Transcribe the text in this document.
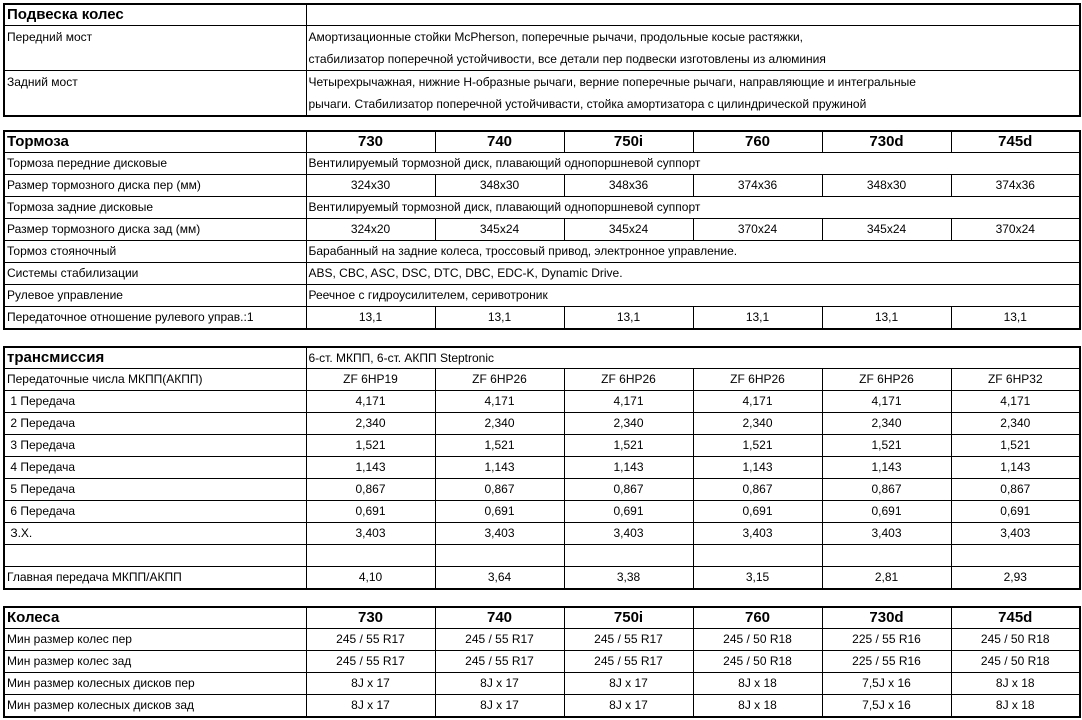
Подвеска колес	
Передний мост	Амортизационные стойки McPherson, поперечные рычачи, продольные косые растяжки,
стабилизатор поперечной устойчивости, все детали пер подвески изготовлены из алюминия

Задний мост	Четырехрычажная, нижние Н-образные рычаги, верние поперечные рычаги, направляющие и интегральные
рычаги. Стабилизатор поперечной устойчивасти, стойка амортизатора с цилиндрической пружиной
Тормоза	730	740	750i	760	730d	745d
Тормоза передние дисковые	Вентилируемый тормозной диск, плавающий однопоршневой суппорт					
Размер тормозного диска пер (мм)	324x30	348x30	348x36	374x36	348x30	374x36
Тормоза задние дисковые	Вентилируемый тормозной диск, плавающий однопоршневой суппорт					
Размер тормозного диска зад (мм)	324x20	345x24	345x24	370x24	345x24	370x24
Тормоз стояночный	Барабанный на задние колеса, троссовый привод, электронное управление.					
Системы стабилизации	ABS, CBC, ASC, DSC, DTC, DBC, EDC-K, Dynamic Drive.					
Рулевое управление	Реечное с гидроусилителем, серивотроник					
Передаточное отношение рулевого управ.:1	13,1	13,1	13,1	13,1	13,1	13,1
трансмиссия	6-ст. МКПП, 6-ст. АКПП Steptronic					
Передаточные числа МКПП(АКПП)	ZF 6HP19	ZF 6HP26	ZF 6HP26	ZF 6HP26	ZF 6HP26	ZF 6HP32
1 Передача	4,171	4,171	4,171	4,171	4,171	4,171
2 Передача	2,340	2,340	2,340	2,340	2,340	2,340
3 Передача	1,521	1,521	1,521	1,521	1,521	1,521
4 Передача	1,143	1,143	1,143	1,143	1,143	1,143
5 Передача	0,867	0,867	0,867	0,867	0,867	0,867
6 Передача	0,691	0,691	0,691	0,691	0,691	0,691
З.Х.	3,403	3,403	3,403	3,403	3,403	3,403

Главная передача МКПП/АКПП	4,10	3,64	3,38	3,15	2,81	2,93
Колеса	730	740	750i	760	730d	745d
Мин размер колес пер	245 / 55 R17	245 / 55 R17	245 / 55 R17	245 / 50 R18	225 / 55 R16	245 / 50 R18
Мин размер колес зад	245 / 55 R17	245 / 55 R17	245 / 55 R17	245 / 50 R18	225 / 55 R16	245 / 50 R18
Мин размер колесных дисков пер	8J x 17	8J x 17	8J x 17	8J x 18	7,5J x 16	8J x 18
Мин размер колесных дисков зад	8J x 17	8J x 17	8J x 17	8J x 18	7,5J x 16	8J x 18
